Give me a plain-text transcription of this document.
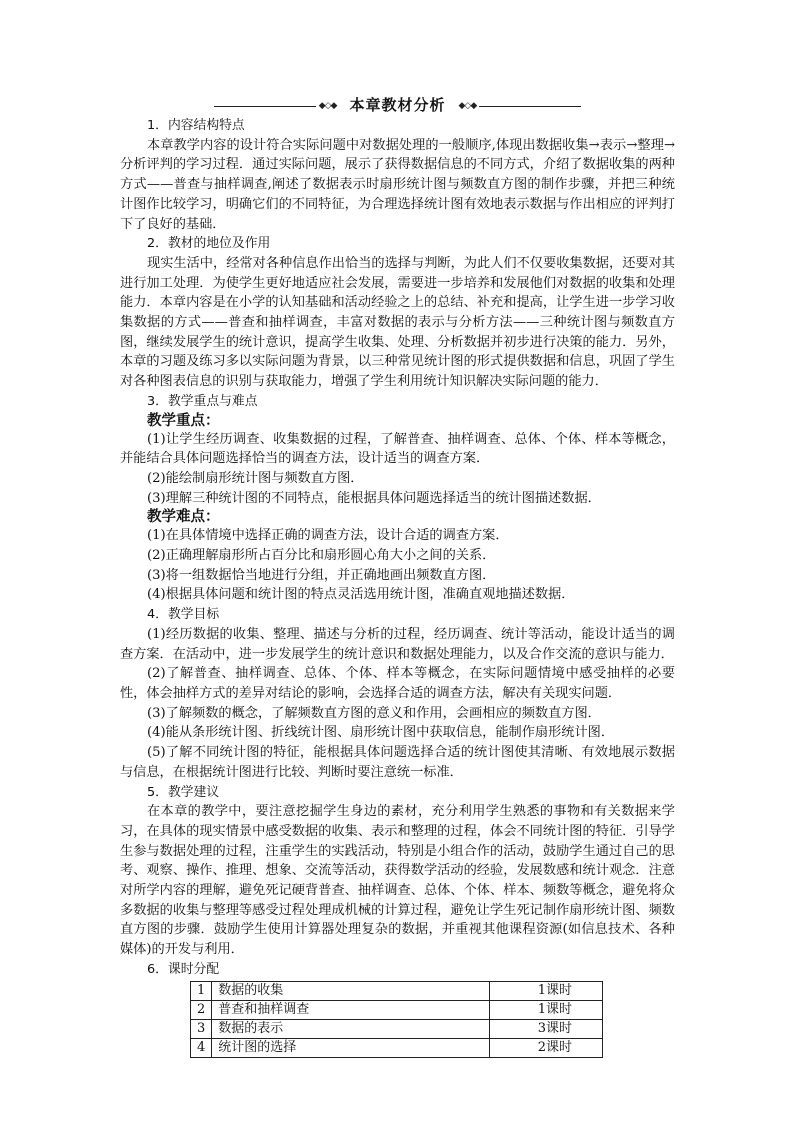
◆◇◆ 本章教材分析	◆◇◆
1．内容结构特点

本章教学内容的设计符合实际问题中对数据处理的一般顺序,体现出数据收集→表示→整理→分析评判的学习过程．通过实际问题，展示了获得数据信息的不同方式，介绍了数据收集的两种方式——普查与抽样调查,阐述了数据表示时扇形统计图与频数直方图的制作步骤，并把三种统计图作比较学习，明确它们的不同特征，为合理选择统计图有效地表示数据与作出相应的评判打下了良好的基础．

2．教材的地位及作用

现实生活中，经常对各种信息作出恰当的选择与判断，为此人们不仅要收集数据，还要对其进行加工处理．为使学生更好地适应社会发展，需要进一步培养和发展他们对数据的收集和处理能力．本章内容是在小学的认知基础和活动经验之上的总结、补充和提高，让学生进一步学习收集数据的方式——普查和抽样调查，丰富对数据的表示与分析方法——三种统计图与频数直方图，继续发展学生的统计意识，提高学生收集、处理、分析数据并初步进行决策的能力．另外，本章的习题及练习多以实际问题为背景，以三种常见统计图的形式提供数据和信息，巩固了学生对各种图表信息的识别与获取能力，增强了学生利用统计知识解决实际问题的能力．

3．教学重点与难点
教学重点：
(1)让学生经历调查、收集数据的过程，了解普查、抽样调查、总体、个体、样本等概念，并能结合具体问题选择恰当的调查方法，设计适当的调查方案．
(2)能绘制扇形统计图与频数直方图．
(3)理解三种统计图的不同特点，能根据具体问题选择适当的统计图描述数据．
教学难点：
(1)在具体情境中选择正确的调查方法，设计合适的调查方案．
(2)正确理解扇形所占百分比和扇形圆心角大小之间的关系．
(3)将一组数据恰当地进行分组，并正确地画出频数直方图．
(4)根据具体问题和统计图的特点灵活选用统计图，准确直观地描述数据．
4．教学目标
(1)经历数据的收集、整理、描述与分析的过程，经历调查、统计等活动，能设计适当的调查方案．在活动中，进一步发展学生的统计意识和数据处理能力，以及合作交流的意识与能力．
(2)了解普查、抽样调查、总体、个体、样本等概念，在实际问题情境中感受抽样的必要性，体会抽样方式的差异对结论的影响，会选择合适的调查方法，解决有关现实问题．
(3)了解频数的概念，了解频数直方图的意义和作用，会画相应的频数直方图．
(4)能从条形统计图、折线统计图、扇形统计图中获取信息，能制作扇形统计图．
(5)了解不同统计图的特征，能根据具体问题选择合适的统计图使其清晰、有效地展示数据与信息，在根据统计图进行比较、判断时要注意统一标准．
5．教学建议

在本章的教学中，要注意挖掘学生身边的素材，充分利用学生熟悉的事物和有关数据来学习，在具体的现实情景中感受数据的收集、表示和整理的过程，体会不同统计图的特征．引导学生参与数据处理的过程，注重学生的实践活动，特别是小组合作的活动，鼓励学生通过自己的思考、观察、操作、推理、想象、交流等活动，获得数学活动的经验，发展数感和统计观念．注意对所学内容的理解，避免死记硬背普查、抽样调查、总体、个体、样本、频数等概念，避免将众多数据的收集与整理等感受过程处理成机械的计算过程，避免让学生死记制作扇形统计图、频数直方图的步骤．鼓励学生使用计算器处理复杂的数据，并重视其他课程资源(如信息技术、各种媒体)的开发与利用．

6．课时分配
1	数据的收集	1课时
2	普查和抽样调查	1课时
3	数据的表示	3课时
4	统计图的选择	2课时
